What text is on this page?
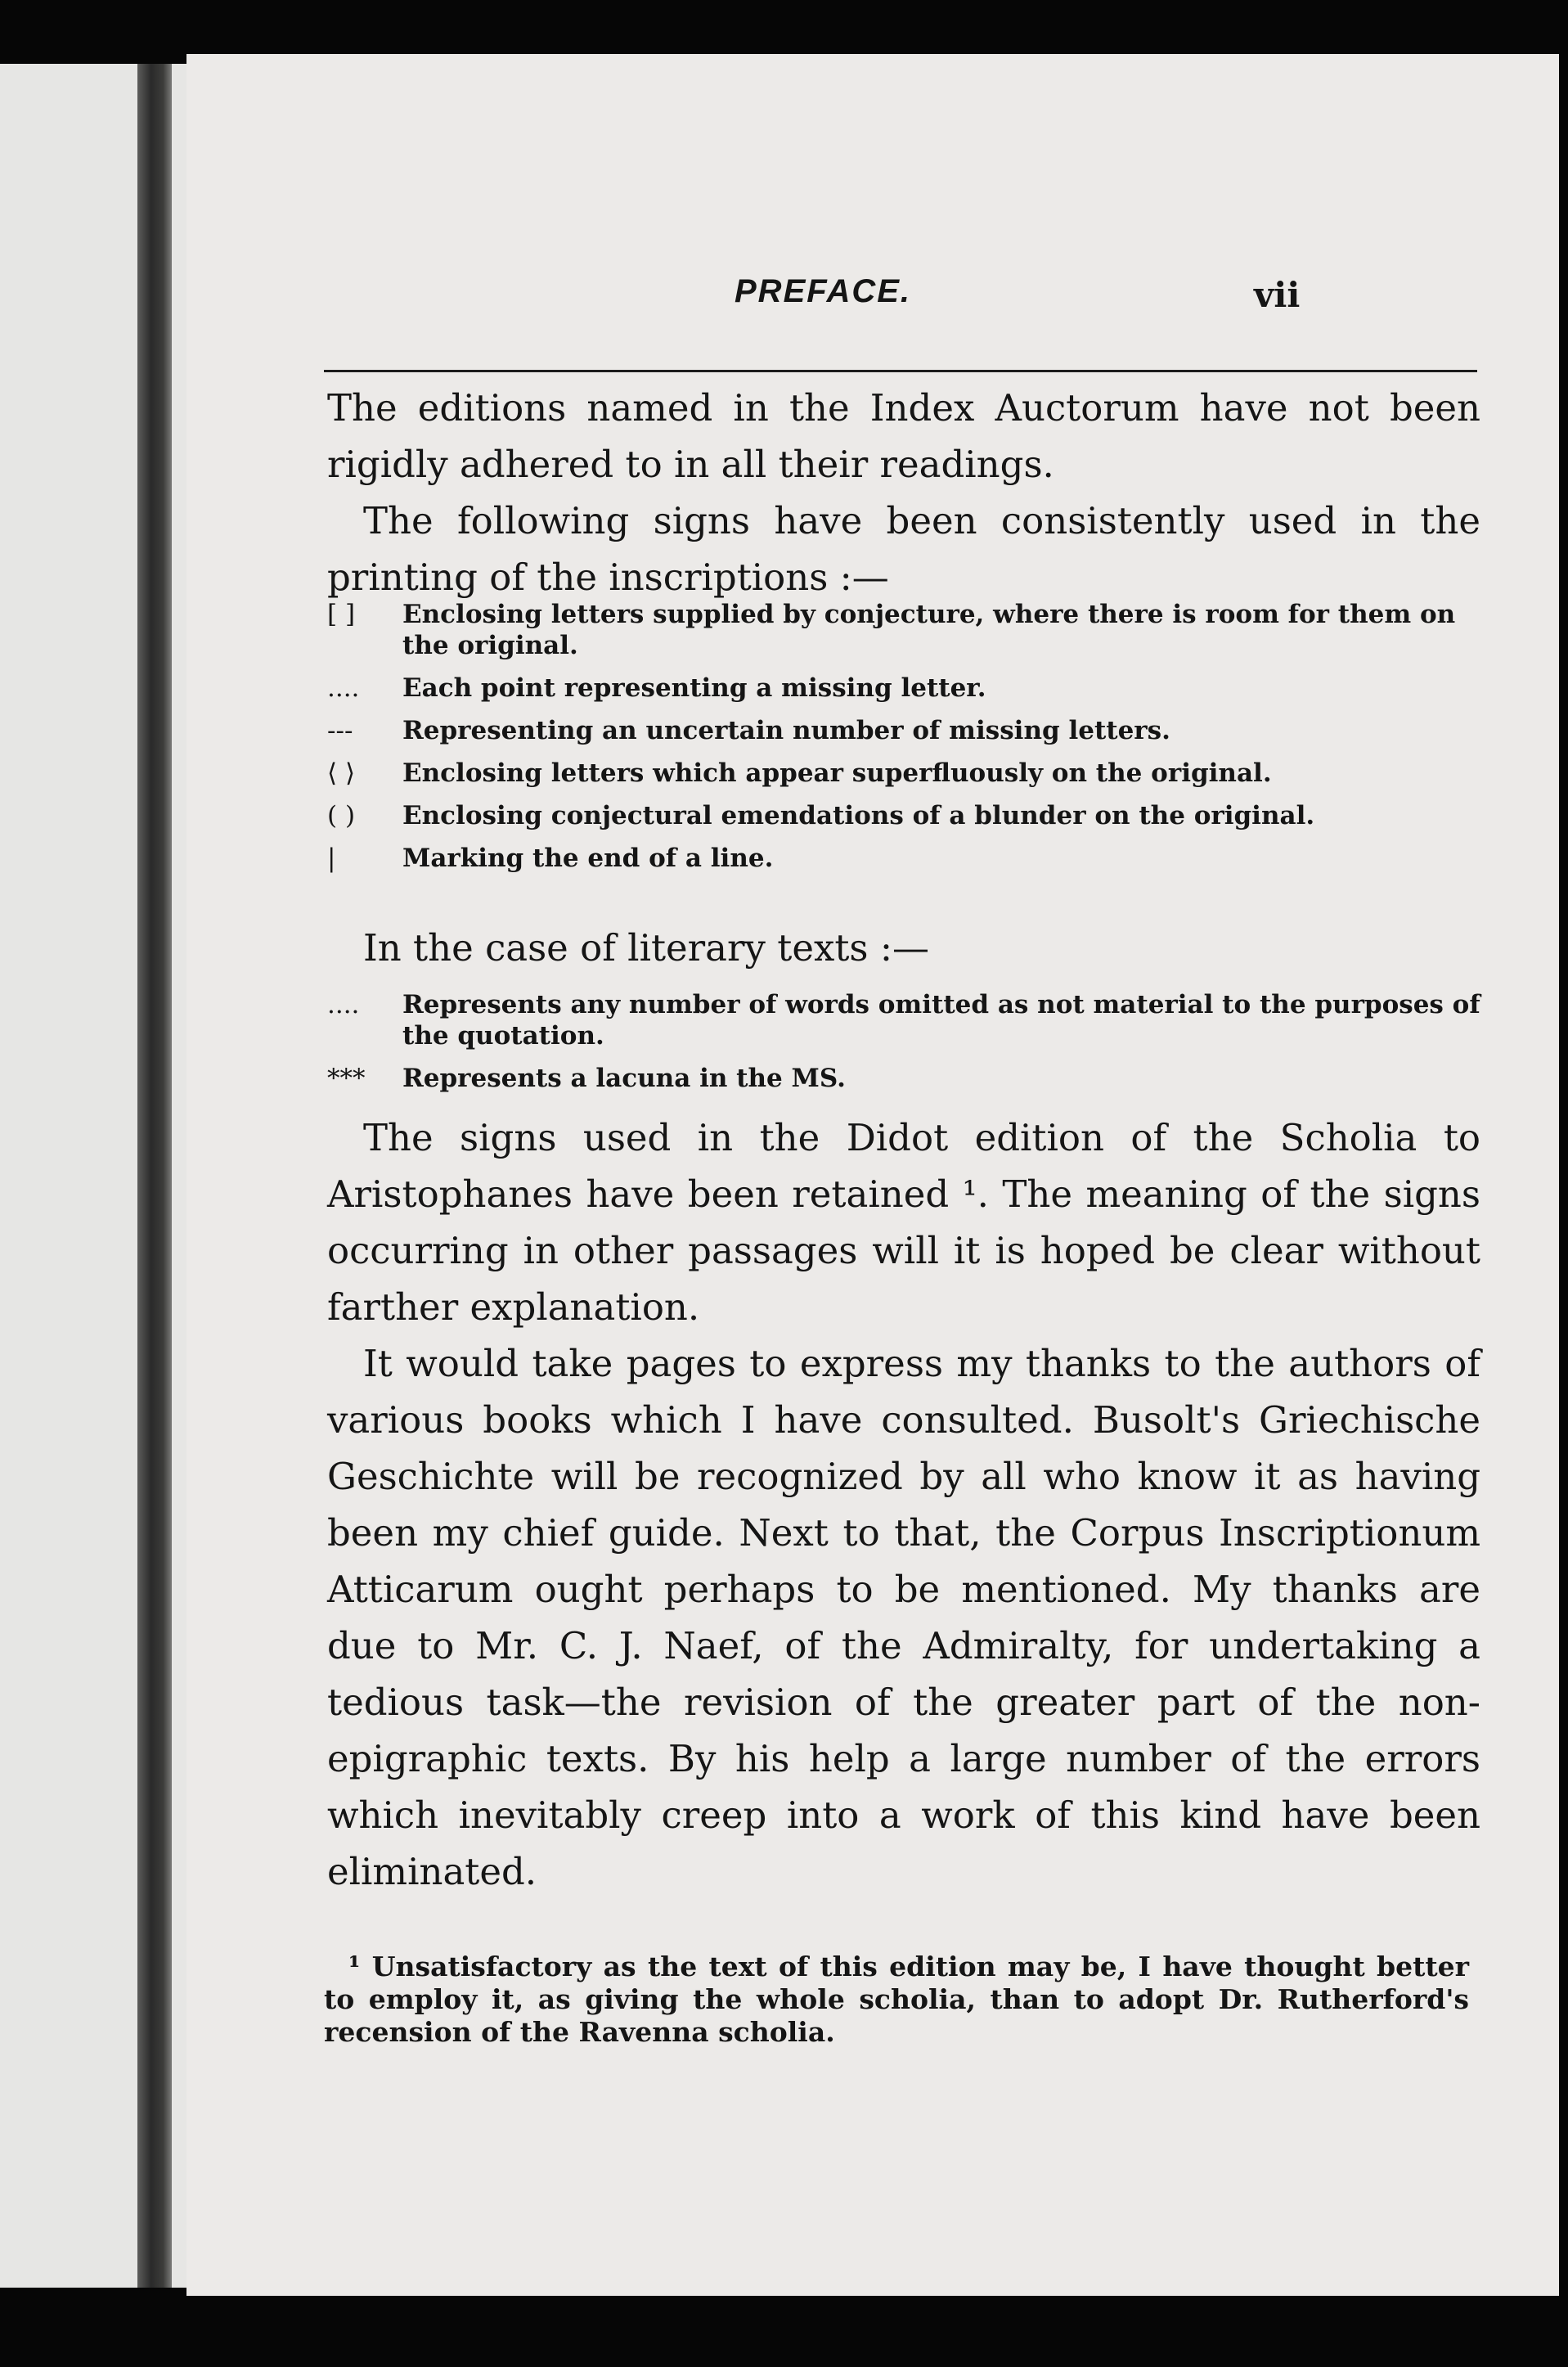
PREFACE.	vii

The editions named in the Index Auctorum have not been rigidly adhered to in all their readings.

The following signs have been consistently used in the printing of the inscriptions :—

[ ]	Enclosing letters supplied by conjecture, where there is room for them on the original.
....	Each point representing a missing letter.
---	Representing an uncertain number of missing letters.
⟨ ⟩	Enclosing letters which appear superfluously on the original.
( )	Enclosing conjectural emendations of a blunder on the original.
|	Marking the end of a line.
In the case of literary texts :—
....	Represents any number of words omitted as not material to the purposes of the quotation.
***	Represents a lacuna in the MS.

The signs used in the Didot edition of the Scholia to Aristophanes have been retained ¹. The meaning of the signs occurring in other passages will it is hoped be clear without farther explanation.

It would take pages to express my thanks to the authors of various books which I have consulted. Busolt's Griechische Geschichte will be recognized by all who know it as having been my chief guide. Next to that, the Corpus Inscriptionum Atticarum ought perhaps to be mentioned. My thanks are due to Mr. C. J. Naef, of the Admiralty, for undertaking a tedious task—the revision of the greater part of the non-epigraphic texts. By his help a large number of the errors which inevitably creep into a work of this kind have been eliminated.

¹ Unsatisfactory as the text of this edition may be, I have thought better to employ it, as giving the whole scholia, than to adopt Dr. Rutherford's recension of the Ravenna scholia.
